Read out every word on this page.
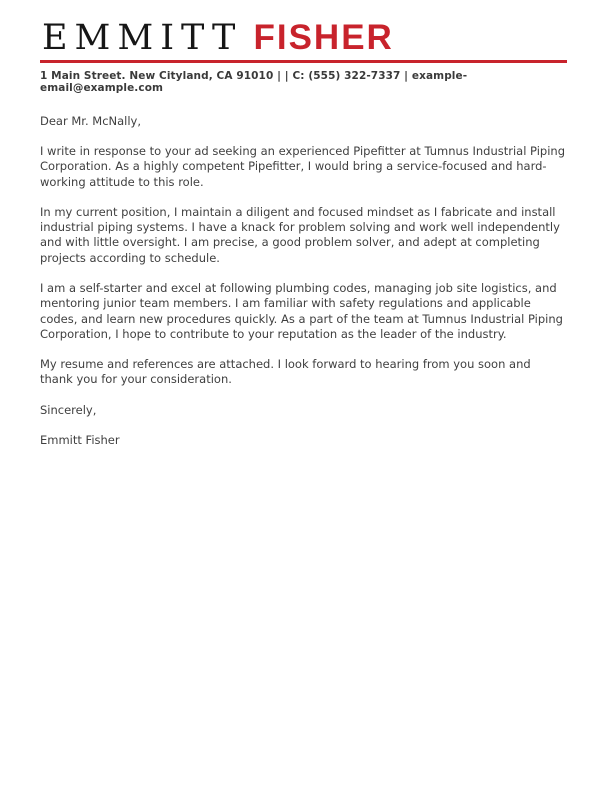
EMMITT FISHER
1 Main Street. New Cityland, CA 91010 | | C: (555) 322-7337 | example-email@example.com

Dear Mr. McNally,

I write in response to your ad seeking an experienced Pipefitter at Tumnus Industrial Piping Corporation. As a highly competent Pipefitter, I would bring a service-focused and hard-working attitude to this role.

In my current position, I maintain a diligent and focused mindset as I fabricate and install industrial piping systems. I have a knack for problem solving and work well independently and with little oversight. I am precise, a good problem solver, and adept at completing projects according to schedule.

I am a self-starter and excel at following plumbing codes, managing job site logistics, and mentoring junior team members. I am familiar with safety regulations and applicable codes, and learn new procedures quickly. As a part of the team at Tumnus Industrial Piping Corporation, I hope to contribute to your reputation as the leader of the industry.

My resume and references are attached. I look forward to hearing from you soon and thank you for your consideration.

Sincerely,

Emmitt Fisher
